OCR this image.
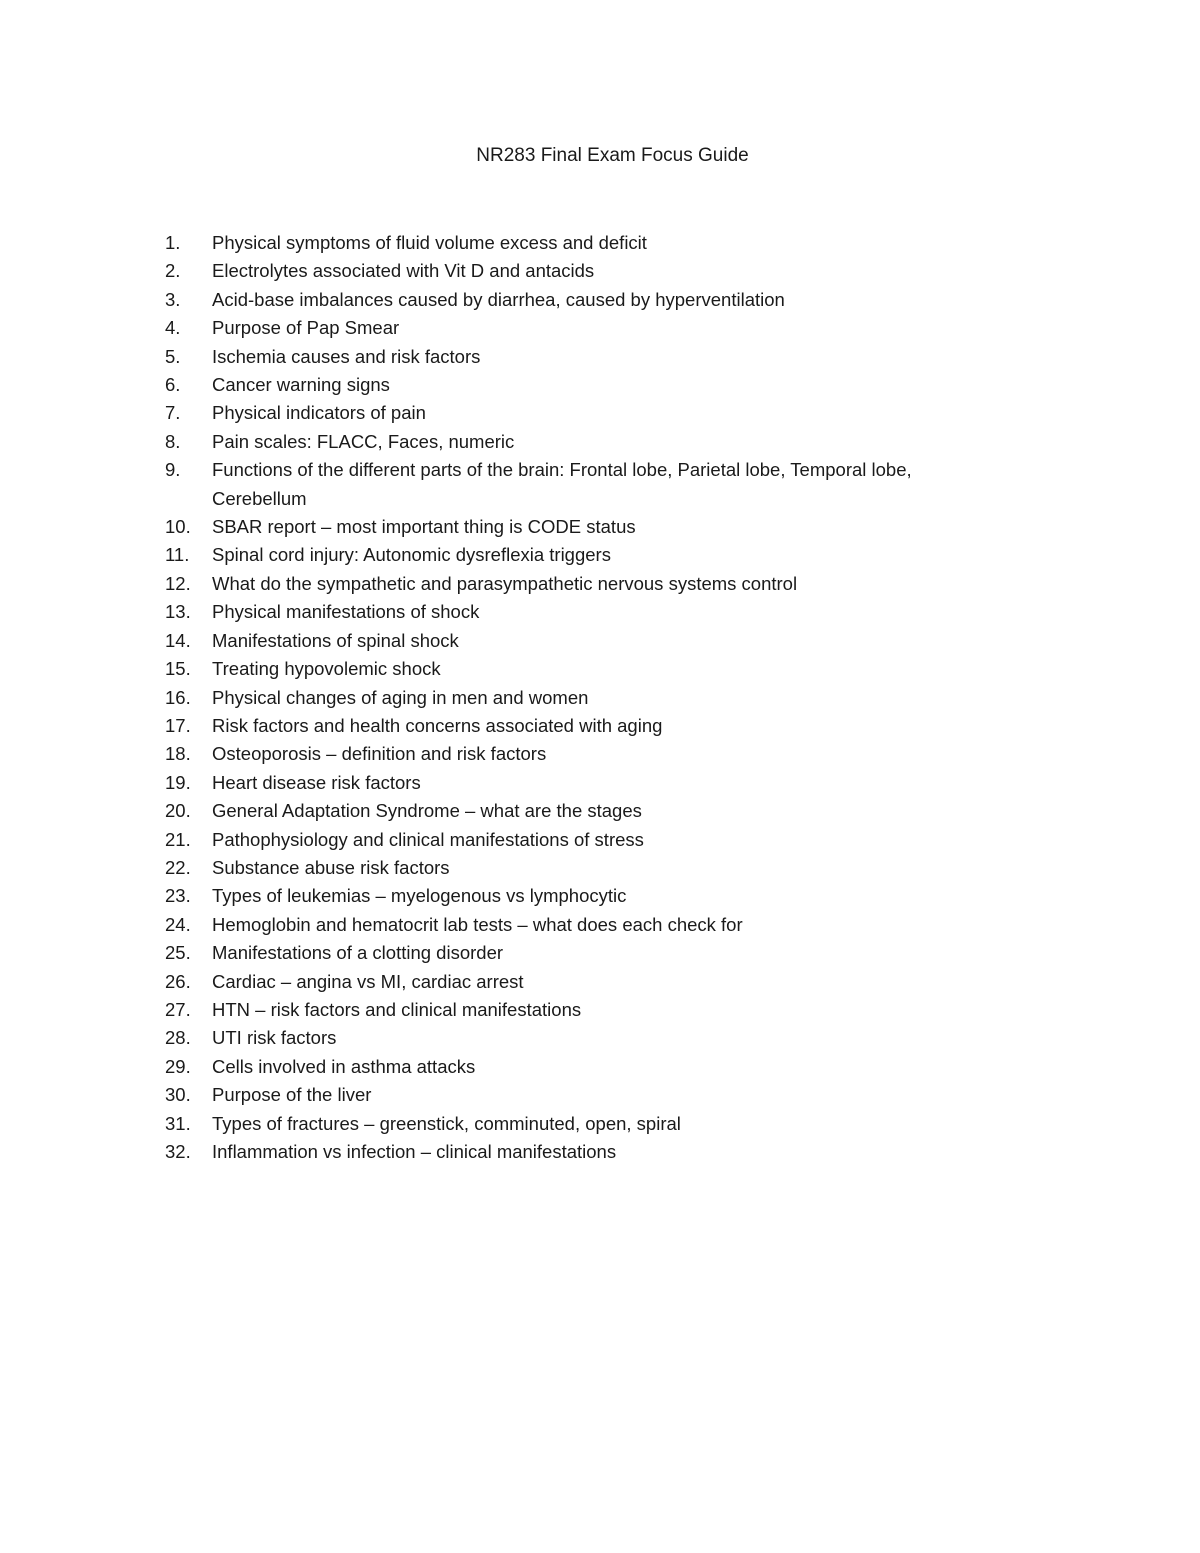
NR283 Final Exam Focus Guide
1.	Physical symptoms of fluid volume excess and deficit
2.	Electrolytes associated with Vit D and antacids
3.	Acid-base imbalances caused by diarrhea, caused by hyperventilation
4.	Purpose of Pap Smear
5.	Ischemia causes and risk factors
6.	Cancer warning signs
7.	Physical indicators of pain
8.	Pain scales: FLACC, Faces, numeric
9.	Functions of the different parts of the brain: Frontal lobe, Parietal lobe, Temporal lobe, Cerebellum
10.	SBAR report – most important thing is CODE status
11.	Spinal cord injury: Autonomic dysreflexia triggers
12.	What do the sympathetic and parasympathetic nervous systems control
13.	Physical manifestations of shock
14.	Manifestations of spinal shock
15.	Treating hypovolemic shock
16.	Physical changes of aging in men and women
17.	Risk factors and health concerns associated with aging
18.	Osteoporosis – definition and risk factors
19.	Heart disease risk factors
20.	General Adaptation Syndrome – what are the stages
21.	Pathophysiology and clinical manifestations of stress
22.	Substance abuse risk factors
23.	Types of leukemias – myelogenous vs lymphocytic
24.	Hemoglobin and hematocrit lab tests – what does each check for
25.	Manifestations of a clotting disorder
26.	Cardiac – angina vs MI, cardiac arrest
27.	HTN – risk factors and clinical manifestations
28.	UTI risk factors
29.	Cells involved in asthma attacks
30.	Purpose of the liver
31.	Types of fractures – greenstick, comminuted, open, spiral
32.	Inflammation vs infection – clinical manifestations
